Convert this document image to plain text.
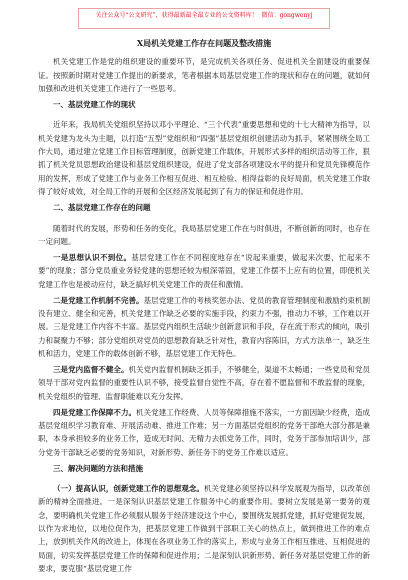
关注公众号“公文研究”，获得最新最全最专业的公文资料库！ 微信：gongwenyj
X局机关党建工作存在问题及整改措施

机关党建工作是党的组织建设的重要环节，是完成机关各项任务、促进机关全面建设的重要保证。按照新时期对党建工作提出的新要求，笔者根据本局基层党建工作的现状和存在的问题，就如何加强和改进机关党建工作进行了一些思考。

一、基层党建工作的现状

近年来，我局机关党组织坚持以邓小平理论、“三个代表”重要思想和党的十七大精神为指导，以机关党建为龙头为主题，以打造“五型”党组织和“四强”基层党组织创建活动为抓手，紧紧围绕全局工作大局，通过建立党建工作目标管理制度，创新党建工作载体，开展形式多样的组织活动等工作，狠抓了机关党员思想政治建设和基层党组织建设，促进了党支部各项建设水平的提升和党员先锋模范作用的发挥，形成了党建工作与业务工作相互促进、相互检验、相得益彰的良好局面，机关党建工作取得了较好成效，对全局工作的开展和全区经济发展起到了有力的保证和促进作用。

二、基层党建工作存在的问题

随着时代的发展，形势和任务的变化，我局基层党建工作在与时俱进，不断创新的同时，也存在一定问题。

一是思想认识不到位。基层党建工作在不同程度地存在“说起来重要，做起来次要，忙起来不要”的现象；部分党员重业务轻党建的思想还较为根深蒂固，党建工作摆不上应有的位置，即使机关党建工作也是被动应付，缺乏搞好机关党建工作的责任和激情。

二是党建工作机制不完善。基层党建工作的考核奖惩办法、党员的教育管理制度和激励约束机制没有建立、健全和完善，机关党建工作缺乏必要的实施手段，约束力不强，推动力不够，工作难以开展。三是党建工作内容不丰富。基层党内组织生活缺少创新意识和手段，存在流于形式的倾向，吸引力和凝聚力不够；部分党组织对党员的思想教育缺乏针对性，教育内容陈旧，方式方法单一，缺乏生机和活力，党建工作的载体创新不够，基层党建工作无特色。

三是党内监督不健全。机关党内监督机制缺乏抓手，不够健全，渠道不太畅通；一些党员和党员领导干部对党内监督的重要性认识不够，接受监督自觉性不高，存在着不愿监督和不敢监督的现象，机关党组织的管理、监督职能难以充分发挥。

四是党建工作保障不力。机关党建工作经费、人员等保障措施不落实，一方面因缺少经费，造成基层党组织学习教育难、开展活动难、推进工作难；另一方面基层党组织的党务干部绝大部分都是兼职，本身承担较多的业务工作，造成无时间、无精力去抓党务工作，同时，党务干部参加培训少，部分党务干部缺乏必要的党务知识，对新形势、新任务下的党务工作难以适应。

三、解决问题的方法和措施

（一）提高认识，创新党建工作的思想观念。机关党建必须坚持以科学发展观为指导，以改革创新的精神全面推进。一是深刻认识基层党建工作服务中心的重要作用。要树立发展是第一要务的观念，要明确机关党建工作必须服从服务于经济建设这个中心，要围绕发展抓党建，抓好党建促发展，以作为求地位，以地位促作为，把基层党建工作做到干部职工关心的热点上，做到推进工作的难点上，放到机关作风的改进上，体现在各项业务工作的落实上，形成与业务工作相互推进、互相促进的局面，切实发挥基层党建工作的保障和促进作用；二是深刻认识新形势、新任务对基层党建工作的新要求，要克服“基层党建工作
